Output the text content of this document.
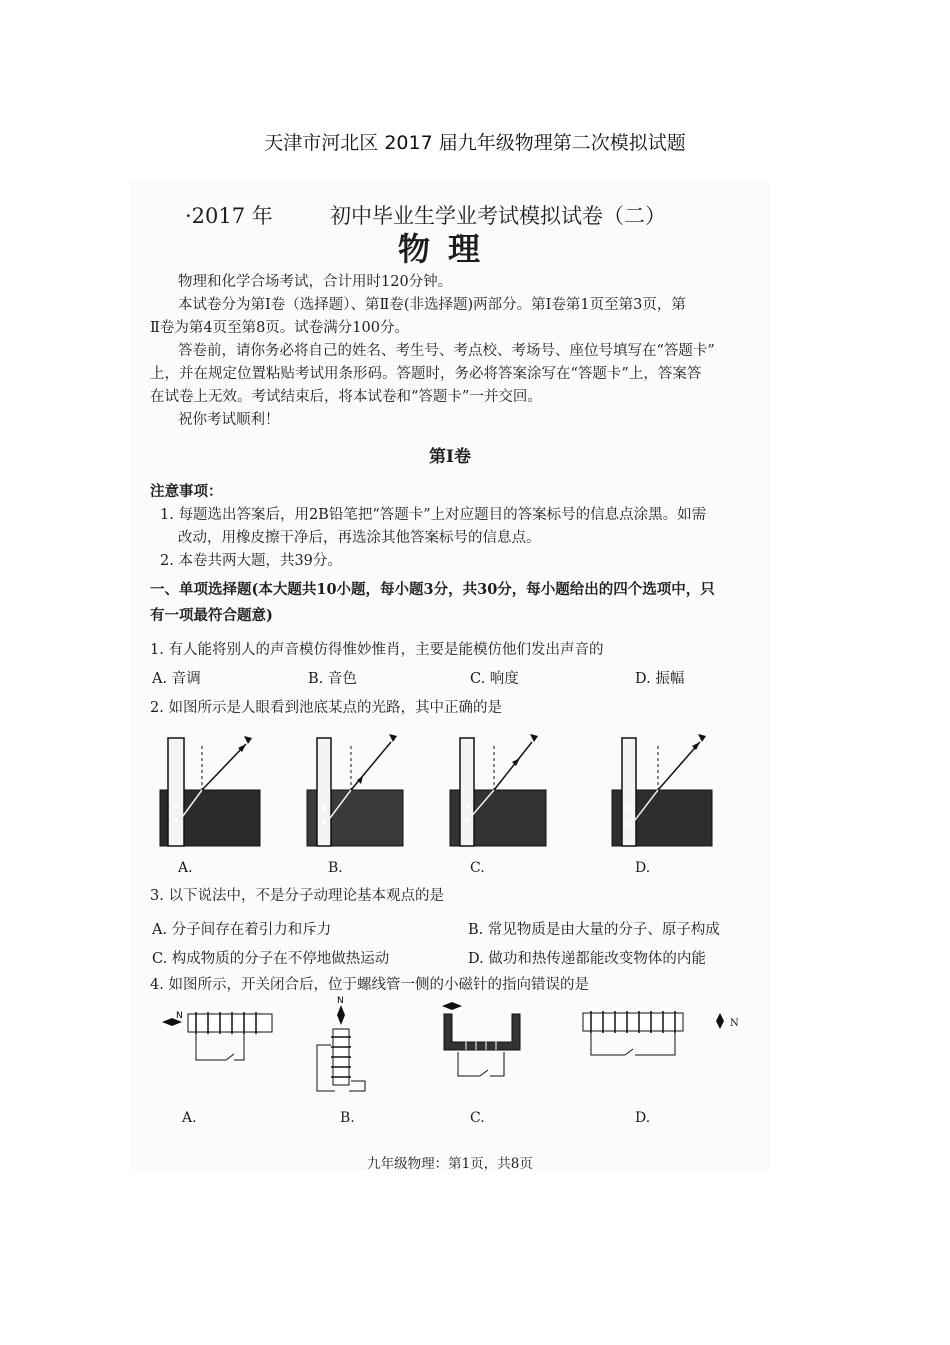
天津市河北区 2017 届九年级物理第二次模拟试题
·2017 年	初中毕业生学业考试模拟试卷（二）
物理
物理和化学合场考试，合计用时120分钟。
本试卷分为第Ⅰ卷（选择题）、第Ⅱ卷(非选择题)两部分。第Ⅰ卷第1页至第3页，第
Ⅱ卷为第4页至第8页。试卷满分100分。
答卷前，请你务必将自己的姓名、考生号、考点校、考场号、座位号填写在“答题卡”
上，并在规定位置粘贴考试用条形码。答题时，务必将答案涂写在“答题卡”上，答案答
在试卷上无效。考试结束后，将本试卷和“答题卡”一并交回。
祝你考试顺利！
第Ⅰ卷
注意事项：
1. 每题选出答案后，用2B铅笔把“答题卡”上对应题目的答案标号的信息点涂黑。如需
改动，用橡皮擦干净后，再选涂其他答案标号的信息点。
2. 本卷共两大题，共39分。
一、单项选择题(本大题共10小题，每小题3分，共30分，每小题给出的四个选项中，只
有一项最符合题意)
1. 有人能将别人的声音模仿得惟妙惟肖，主要是能模仿他们发出声音的
A. 音调	B. 音色	C. 响度	D. 振幅
2. 如图所示是人眼看到池底某点的光路，其中正确的是
A.	B.	C.	D.
3. 以下说法中，不是分子动理论基本观点的是
A. 分子间存在着引力和斥力	B. 常见物质是由大量的分子、原子构成
C. 构成物质的分子在不停地做热运动	D. 做功和热传递都能改变物体的内能
4. 如图所示，开关闭合后，位于螺线管一侧的小磁针的指向错误的是
N
A.
N
B.	C.
N
D.
九年级物理：第1页，共8页
